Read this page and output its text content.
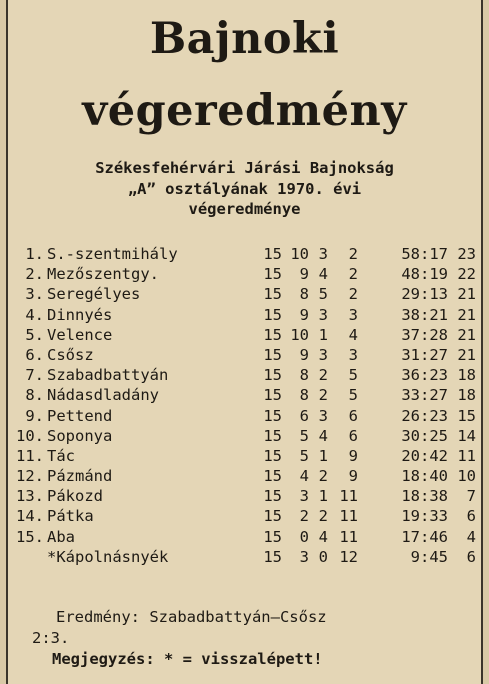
Bajnoki
végeredmény
Székesfehérvári Járási Bajnokság
„A” osztályának 1970. évi
végeredménye
1. S.-szentmihály	15 10 3	2	58:17 23
2. Mezőszentgy.	15	9 4	2	48:19 22
3. Seregélyes	15	8 5	2	29:13 21
4. Dinnyés	15	9 3	3	38:21 21
5. Velence	15 10 1	4	37:28 21
6. Csősz	15	9 3	3	31:27 21
7. Szabadbattyán	15	8 2	5	36:23 18
8. Nádasdladány	15	8 2	5	33:27 18
9. Pettend	15	6 3	6	26:23 15
10. Soponya	15	5 4	6	30:25 14
11. Tác	15	5 1	9	20:42 11
12. Pázmánd	15	4 2	9	18:40 10
13. Pákozd	15	3 1 11	18:38	7
14. Pátka	15	2 2 11	19:33	6
15. Aba	15	0 4 11	17:46	4
*Kápolnásnyék	15	3 0 12	9:45	6
Eredmény: Szabadbattyán—Csősz
2:3.
Megjegyzés: * = visszalépett!
